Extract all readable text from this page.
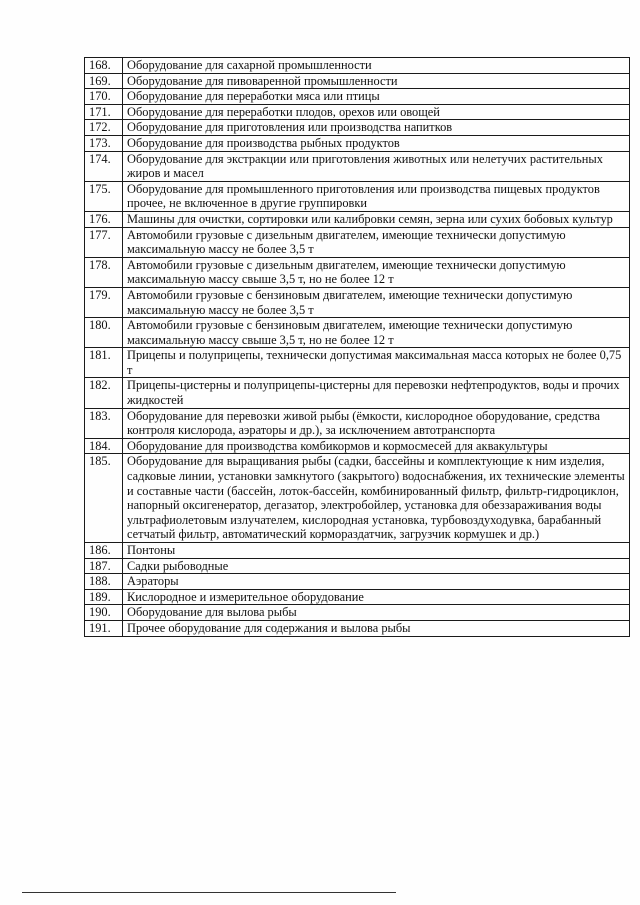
168.	Оборудование для сахарной промышленности
169.	Оборудование для пивоваренной промышленности
170.	Оборудование для переработки мяса или птицы
171.	Оборудование для переработки плодов, орехов или овощей
172.	Оборудование для приготовления или производства напитков
173.	Оборудование для производства рыбных продуктов
174.	Оборудование для экстракции или приготовления животных или нелетучих растительных жиров и масел
175.	Оборудование для промышленного приготовления или производства пищевых продуктов прочее, не включенное в другие группировки
176.	Машины для очистки, сортировки или калибровки семян, зерна или сухих бобовых культур
177.	Автомобили грузовые с дизельным двигателем, имеющие технически допустимую максимальную массу не более 3,5 т
178.	Автомобили грузовые с дизельным двигателем, имеющие технически допустимую максимальную массу свыше 3,5 т, но не более 12 т
179.	Автомобили грузовые с бензиновым двигателем, имеющие технически допустимую максимальную массу не более 3,5 т
180.	Автомобили грузовые с бензиновым двигателем, имеющие технически допустимую максимальную массу свыше 3,5 т, но не более 12 т
181.	Прицепы и полуприцепы, технически допустимая максимальная масса которых не более 0,75 т
182.	Прицепы-цистерны и полуприцепы-цистерны для перевозки нефтепродуктов, воды и прочих жидкостей
183.	Оборудование для перевозки живой рыбы (ёмкости, кислородное оборудование, средства контроля кислорода, аэраторы и др.), за исключением автотранспорта
184.	Оборудование для производства комбикормов и кормосмесей для аквакультуры
185.	Оборудование для выращивания рыбы (садки, бассейны и комплектующие к ним изделия, садковые линии, установки замкнутого (закрытого) водоснабжения, их технические элементы и составные части (бассейн, лоток-бассейн, комбинированный фильтр, фильтр-гидроциклон, напорный оксигенератор, дегазатор, электробойлер, установка для обеззараживания воды ультрафиолетовым излучателем, кислородная установка, турбовоздуходувка, барабанный сетчатый фильтр, автоматический кормораздатчик, загрузчик кормушек и др.)
186.	Понтоны
187.	Садки рыбоводные
188.	Аэраторы
189.	Кислородное и измерительное оборудование
190.	Оборудование для вылова рыбы
191.	Прочее оборудование для содержания и вылова рыбы
